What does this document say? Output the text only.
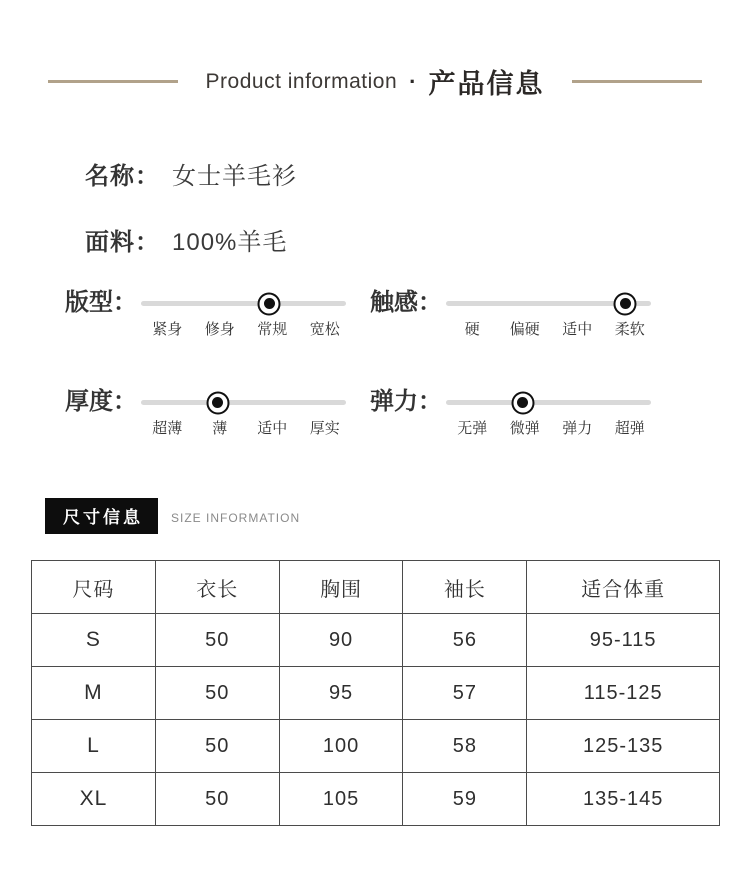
Product information · 产品信息
名称： 女士羊毛衫
面料： 100%羊毛
版型：
紧身	修身	常规	宽松
触感：
硬	偏硬	适中	柔软
厚度：
超薄	薄	适中	厚实
弹力：
无弹	微弹	弹力	超弹
尺寸信息	SIZE INFORMATION
尺码	衣长	胸围	袖长	适合体重
S	50	90	56	95-115
M	50	95	57	115-125
L	50	100	58	125-135
XL	50	105	59	135-145
